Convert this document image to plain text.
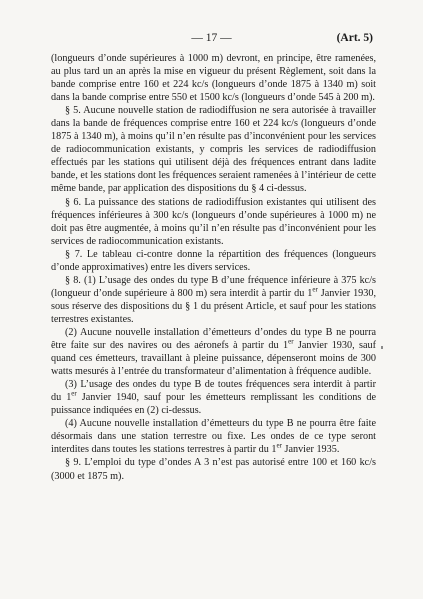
— 17 —	(Art. 5)

(longueurs d’onde supérieures à 1000 m) devront, en principe, être ramenées, au plus tard un an après la mise en vigueur du présent Règlement, soit dans la bande comprise entre 160 et 224 kc/s (longueurs d’onde 1875 à 1340 m) soit dans la bande comprise entre 550 et 1500 kc/s (longueurs d’onde 545 à 200 m).

§ 5. Aucune nouvelle station de radiodiffusion ne sera autorisée à travailler dans la bande de fréquences comprise entre 160 et 224 kc/s (longueurs d’onde 1875 à 1340 m), à moins qu’il n’en résulte pas d’inconvénient pour les services de radiocommunication existants, y compris les services de radiodiffusion effectués par les stations qui utilisent déjà des fréquences entrant dans ladite bande, et les stations dont les fréquences seraient ramenées à l’intérieur de cette même bande, par application des dispositions du § 4 ci-dessus.

§ 6. La puissance des stations de radiodiffusion existantes qui utilisent des fréquences inférieures à 300 kc/s (longueurs d’onde supérieures à 1000 m) ne doit pas être augmentée, à moins qu’il n’en résulte pas d’inconvénient pour les services de radiocommunication existants.

§ 7. Le tableau ci-contre donne la répartition des fréquences (longueurs d’onde approximatives) entre les divers services.

§ 8. (1) L’usage des ondes du type B d’une fréquence inférieure à 375 kc/s (longueur d’onde supérieure à 800 m) sera interdit à partir du 1er Janvier 1930, sous réserve des dispositions du § 1 du présent Article, et sauf pour les stations terrestres existantes.

(2) Aucune nouvelle installation d’émetteurs d’ondes du type B ne pourra être faite sur des navires ou des aéronefs à partir du 1er Janvier 1930, sauf quand ces émetteurs, travaillant à pleine puissance, dépenseront moins de 300 watts mesurés à l’entrée du transformateur d’alimentation à fréquence audible.

(3) L’usage des ondes du type B de toutes fréquences sera interdit à partir du 1er Janvier 1940, sauf pour les émetteurs remplissant les conditions de puissance indiquées en (2) ci-dessus.

(4) Aucune nouvelle installation d’émetteurs du type B ne pourra être faite désormais dans une station terrestre ou fixe. Les ondes de ce type seront interdites dans toutes les stations terrestres à partir du 1er Janvier 1935.

§ 9. L’emploi du type d’ondes A 3 n’est pas autorisé entre 100 et 160 kc/s (3000 et 1875 m).
